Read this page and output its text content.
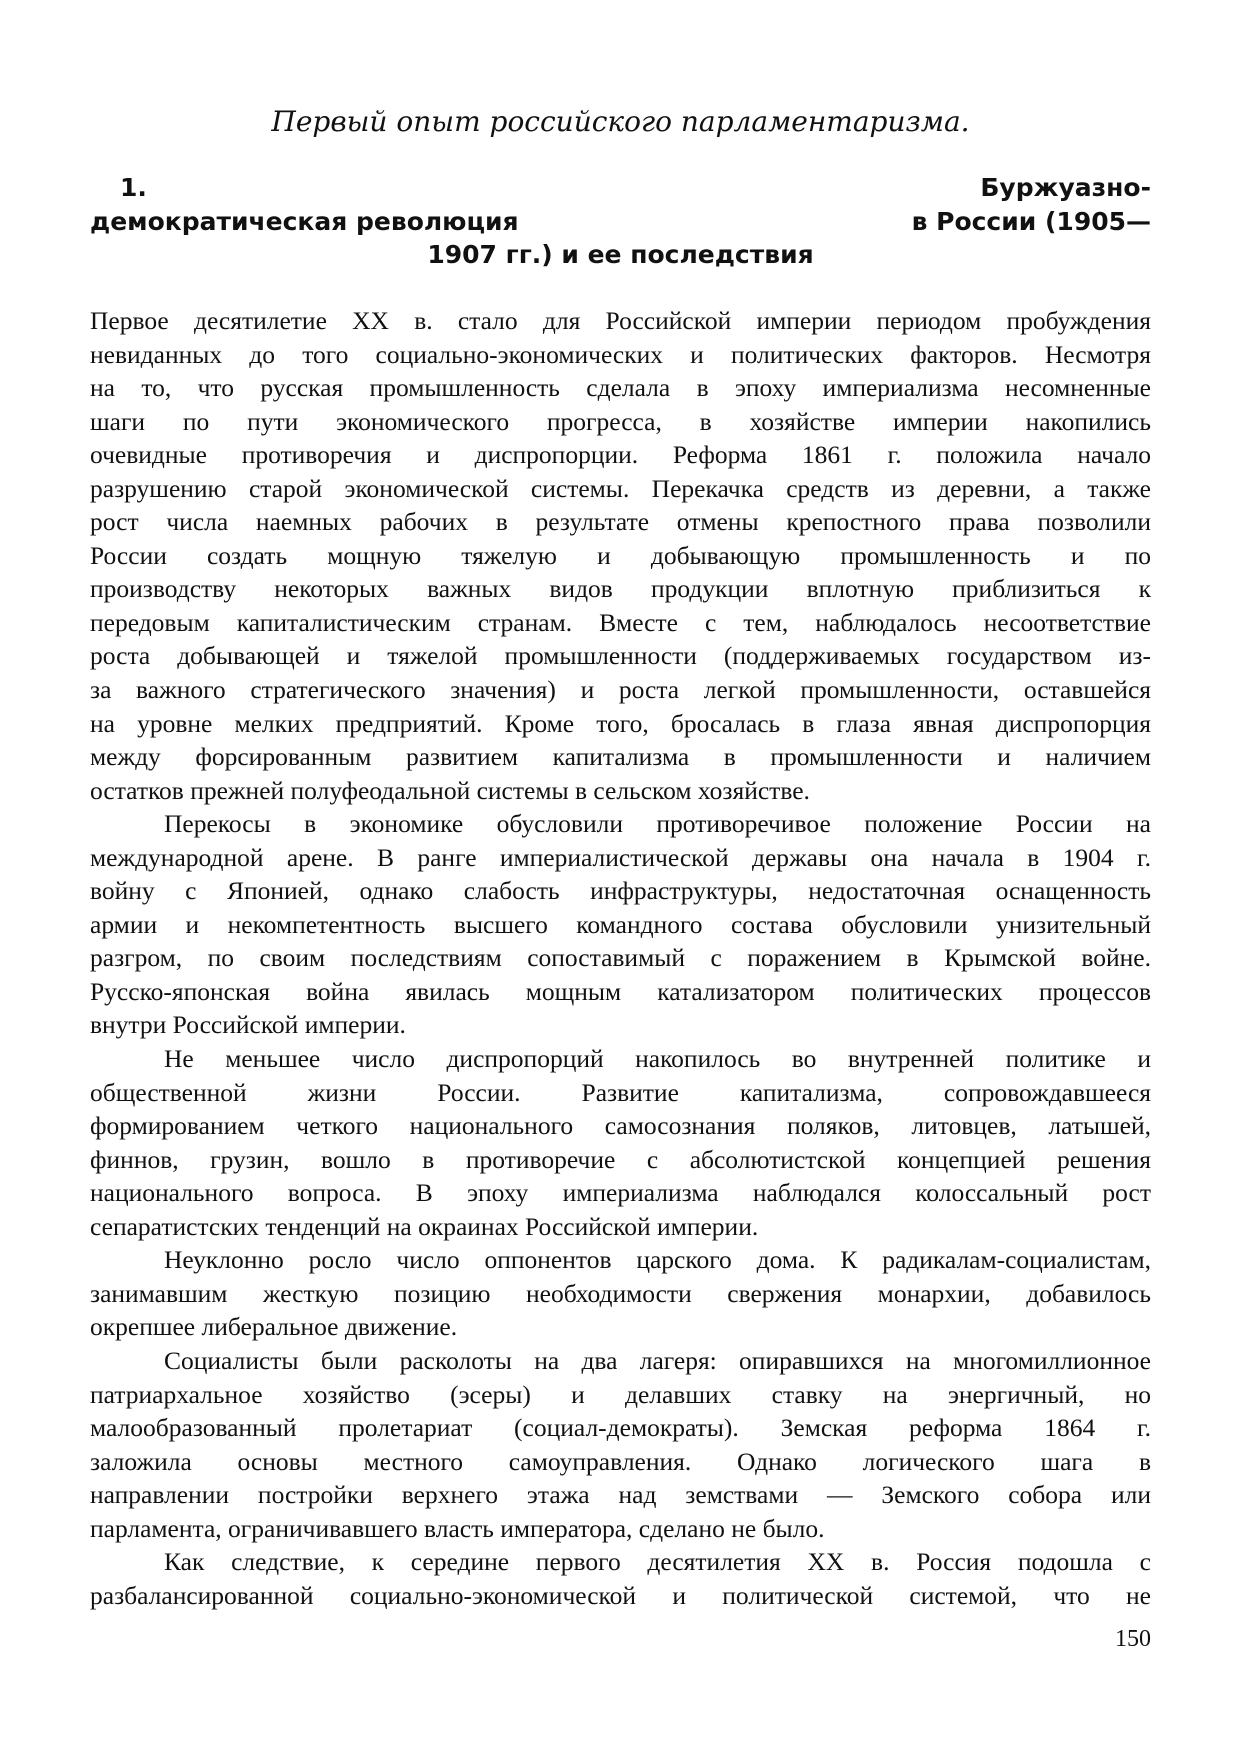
Первый опыт российского парламентаризма.
1.	Буржуазно-
демократическая революция	в России (1905—
1907 гг.) и ее последствия
Первое десятилетие XX в. стало для Российской империи периодом пробуждения
невиданных до того социально-экономических и политических факторов. Несмотря
на то, что русская промышленность сделала в эпоху империализма несомненные
шаги по пути экономического прогресса, в хозяйстве империи накопились
очевидные противоречия и диспропорции. Реформа 1861 г. положила начало
разрушению старой экономической системы. Перекачка средств из деревни, а также
рост числа наемных рабочих в результате отмены крепостного права позволили
России создать мощную тяжелую и добывающую промышленность и по
производству некоторых важных видов продукции вплотную приблизиться к
передовым капиталистическим странам. Вместе с тем, наблюдалось несоответствие
роста добывающей и тяжелой промышленности (поддерживаемых государством из-
за важного стратегического значения) и роста легкой промышленности, оставшейся
на уровне мелких предприятий. Кроме того, бросалась в глаза явная диспропорция
между форсированным развитием капитализма в промышленности и наличием
остатков прежней полуфеодальной системы в сельском хозяйстве.
Перекосы в экономике обусловили противоречивое положение России на
международной арене. В ранге империалистической державы она начала в 1904 г.
войну с Японией, однако слабость инфраструктуры, недостаточная оснащенность
армии и некомпетентность высшего командного состава обусловили унизительный
разгром, по своим последствиям сопоставимый с поражением в Крымской войне.
Русско-японская война явилась мощным катализатором политических процессов
внутри Российской империи.
Не меньшее число диспропорций накопилось во внутренней политике и
общественной жизни России. Развитие капитализма, сопровождавшееся
формированием четкого национального самосознания поляков, литовцев, латышей,
финнов, грузин, вошло в противоречие с абсолютистской концепцией решения
национального вопроса. В эпоху империализма наблюдался колоссальный рост
сепаратистских тенденций на окраинах Российской империи.
Неуклонно росло число оппонентов царского дома. К радикалам-социалистам,
занимавшим жесткую позицию необходимости свержения монархии, добавилось
окрепшее либеральное движение.
Социалисты были расколоты на два лагеря: опиравшихся на многомиллионное
патриархальное хозяйство (эсеры) и делавших ставку на энергичный, но
малообразованный пролетариат (социал-демократы). Земская реформа 1864 г.
заложила основы местного самоуправления. Однако логического шага в
направлении постройки верхнего этажа над земствами — Земского собора или
парламента, ограничивавшего власть императора, сделано не было.
Как следствие, к середине первого десятилетия XX в. Россия подошла с
разбалансированной социально-экономической и политической системой, что не
150
